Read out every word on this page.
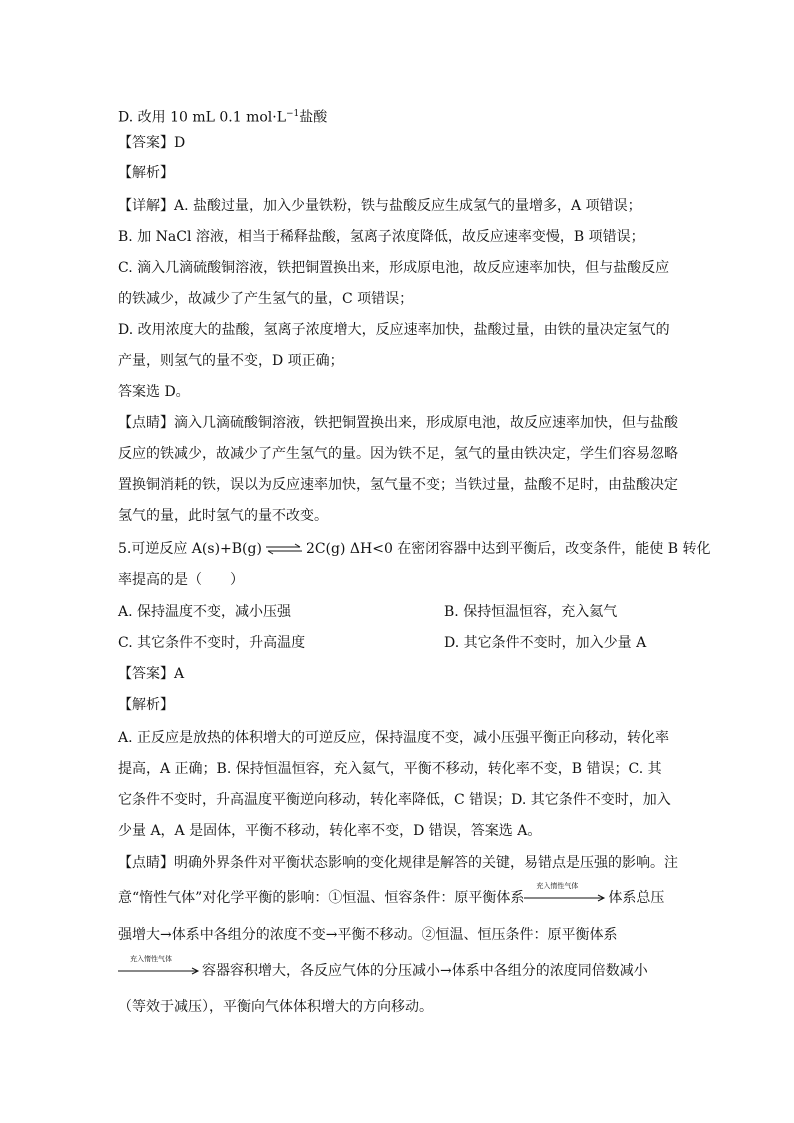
D. 改用 10 mL 0.1 $mol\cdot L^{-1}$盐酸
【答案】D
【解析】
【详解】A. 盐酸过量，加入少量铁粉，铁与盐酸反应生成氢气的量增多，A 项错误；
B. 加 NaCl 溶液，相当于稀释盐酸，氢离子浓度降低，故反应速率变慢，B 项错误；
C. 滴入几滴硫酸铜溶液，铁把铜置换出来，形成原电池，故反应速率加快，但与盐酸反应
的铁减少，故减少了产生氢气的量，C 项错误；
D. 改用浓度大的盐酸，氢离子浓度增大，反应速率加快，盐酸过量，由铁的量决定氢气的
产量，则氢气的量不变，D 项正确；
答案选 D。
【点睛】滴入几滴硫酸铜溶液，铁把铜置换出来，形成原电池，故反应速率加快，但与盐酸
反应的铁减少，故减少了产生氢气的量。因为铁不足，氢气的量由铁决定，学生们容易忽略
置换铜消耗的铁，误以为反应速率加快，氢气量不变；当铁过量，盐酸不足时，由盐酸决定
氢气的量，此时氢气的量不改变。
5.可逆反应 A(s)+B(g) ⇌ 2C(g) ΔH<0 在密闭容器中达到平衡后，改变条件，能使 B 转化
率提高的是（　　）
A. 保持温度不变，减小压强	B. 保持恒温恒容，充入氦气
C. 其它条件不变时，升高温度	D. 其它条件不变时，加入少量 A
【答案】A
【解析】
A. 正反应是放热的体积增大的可逆反应，保持温度不变，减小压强平衡正向移动，转化率
提高，A 正确；B. 保持恒温恒容，充入氦气，平衡不移动，转化率不变，B 错误；C. 其
它条件不变时，升高温度平衡逆向移动，转化率降低，C 错误；D. 其它条件不变时，加入
少量 A，A 是固体，平衡不移动，转化率不变，D 错误，答案选 A。
【点睛】明确外界条件对平衡状态影响的变化规律是解答的关键，易错点是压强的影响。注
意“惰性气体”对化学平衡的影响：①恒温、恒容条件：原平衡体系
充入惰性气体
体系总压
强增大→体系中各组分的浓度不变→平衡不移动。②恒温、恒压条件：原平衡体系
充入惰性气体
容器容积增大，各反应气体的分压减小→体系中各组分的浓度同倍数减小
（等效于减压），平衡向气体体积增大的方向移动。
